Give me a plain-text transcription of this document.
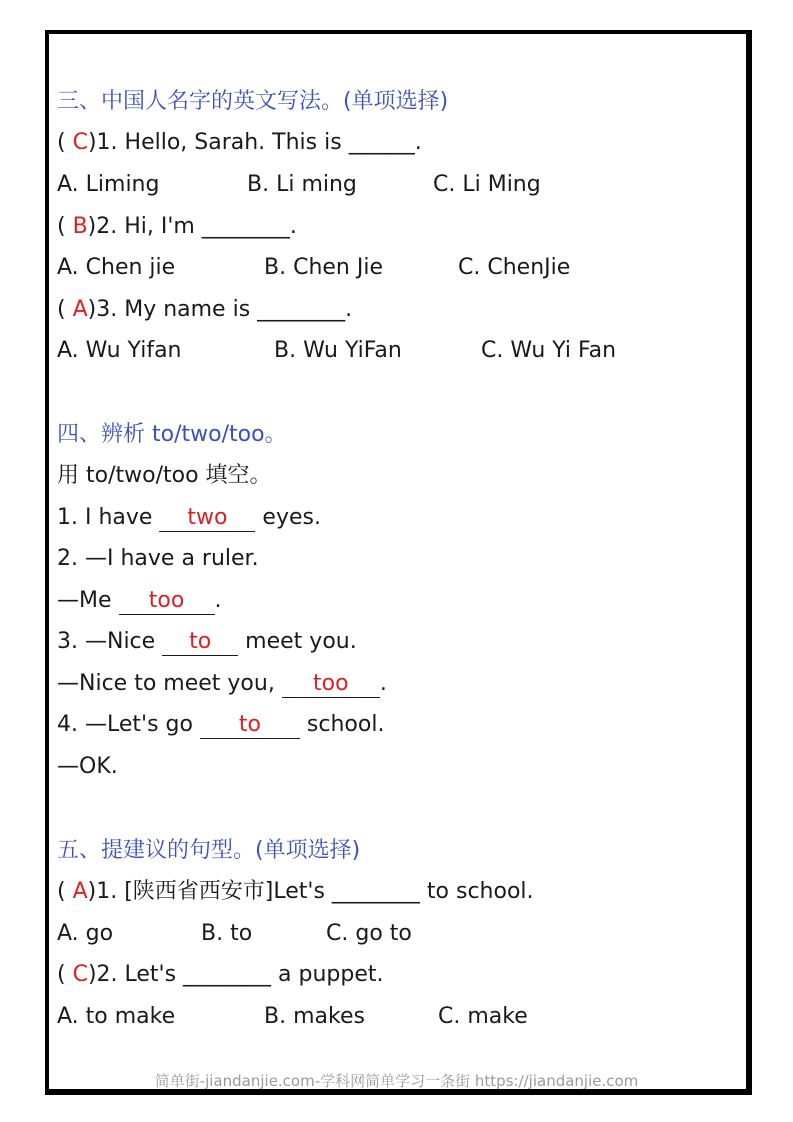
三、中国人名字的英文写法。(单项选择)
( C)1. Hello, Sarah. This is ______.
A. Liming	B. Li ming	C. Li Ming
( B)2. Hi, I'm ________.
A. Chen jie	B. Chen Jie	C. ChenJie
( A)3. My name is ________.
A. Wu Yifan	B. Wu YiFan	C. Wu Yi Fan
四、辨析 to/two/too。
用 to/two/too 填空。
1. I have two eyes.
2. —I have a ruler.
—Me too .
3. —Nice to meet you.
—Nice to meet you, too .
4. —Let's go to school.
—OK.
五、提建议的句型。(单项选择)
( A)1. [陕西省西安市]Let's ________ to school.
A. go	B. to	C. go to
( C)2. Let's ________ a puppet.
A. to make	B. makes	C. make
简单街-jiandanjie.com-学科网简单学习一条街 https://jiandanjie.com
